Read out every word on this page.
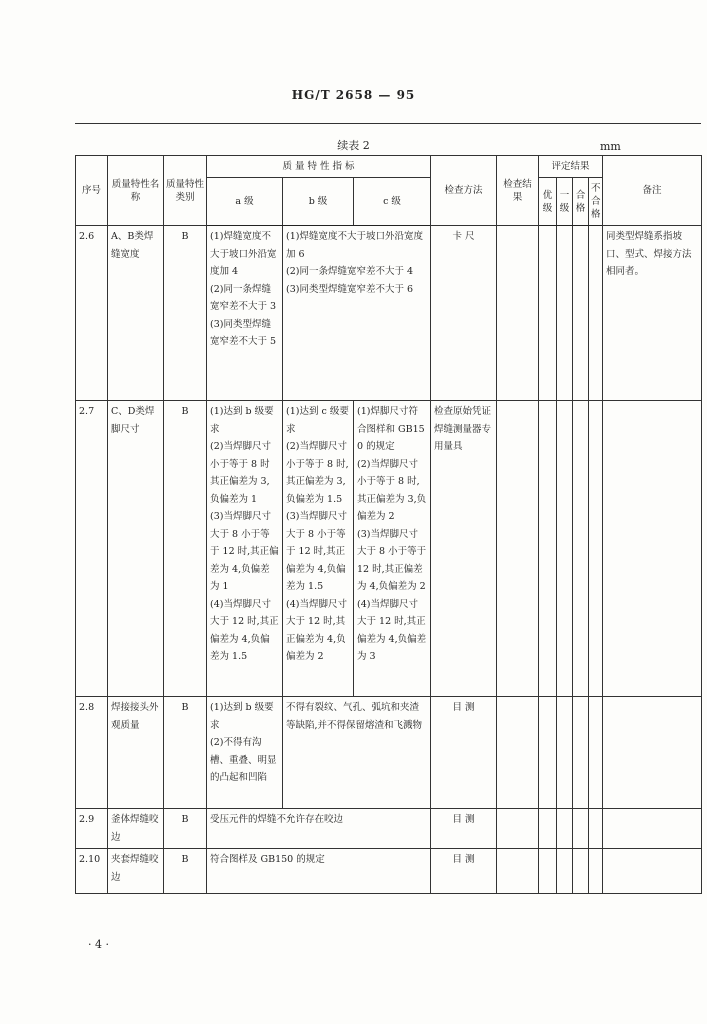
HG/T 2658 — 95
续表 2	mm
序号	质量特性名称	质量特性类别	质 量 特 性 指 标			检查方法	检查结果	评定结果				备注
			a 级	b 级	c 级			优级	一级	合格	不合格	
2.6	A、B类焊缝宽度	B	(1)焊缝宽度不大于坡口外沿宽度加 4
(2)同一条焊缝宽窄差不大于 3
(3)同类型焊缝宽窄差不大于 5	(1)焊缝宽度不大于坡口外沿宽度加 6
(2)同一条焊缝宽窄差不大于 4
(3)同类型焊缝宽窄差不大于 6		卡 尺						同类型焊缝系指坡口、型式、焊接方法相同者。
2.7	C、D类焊脚尺寸	B	(1)达到 b 级要求
(2)当焊脚尺寸小于等于 8 时其正偏差为 3,负偏差为 1
(3)当焊脚尺寸大于 8 小于等于 12 时,其正偏差为 4,负偏差为 1
(4)当焊脚尺寸大于 12 时,其正偏差为 4,负偏差为 1.5	(1)达到 c 级要求
(2)当焊脚尺寸小于等于 8 时,其正偏差为 3,负偏差为 1.5
(3)当焊脚尺寸大于 8 小于等于 12 时,其正偏差为 4,负偏差为 1.5
(4)当焊脚尺寸大于 12 时,其正偏差为 4,负偏差为 2	(1)焊脚尺寸符合图样和 GB150 的规定
(2)当焊脚尺寸小于等于 8 时,其正偏差为 3,负偏差为 2
(3)当焊脚尺寸大于 8 小于等于 12 时,其正偏差为 4,负偏差为 2
(4)当焊脚尺寸大于 12 时,其正偏差为 4,负偏差为 3	检查原始凭证焊缝测量器专用量具						
2.8	焊接接头外观质量	B	(1)达到 b 级要求
(2)不得有沟槽、重叠、明显的凸起和凹陷	不得有裂纹、气孔、弧坑和夹渣等缺陷,并不得保留熔渣和飞溅物		目 测						
2.9	釜体焊缝咬边	B	受压元件的焊缝不允许存在咬边			目 测						
2.10	夹套焊缝咬边	B	符合图样及 GB150 的规定			目 测						
· 4 ·
